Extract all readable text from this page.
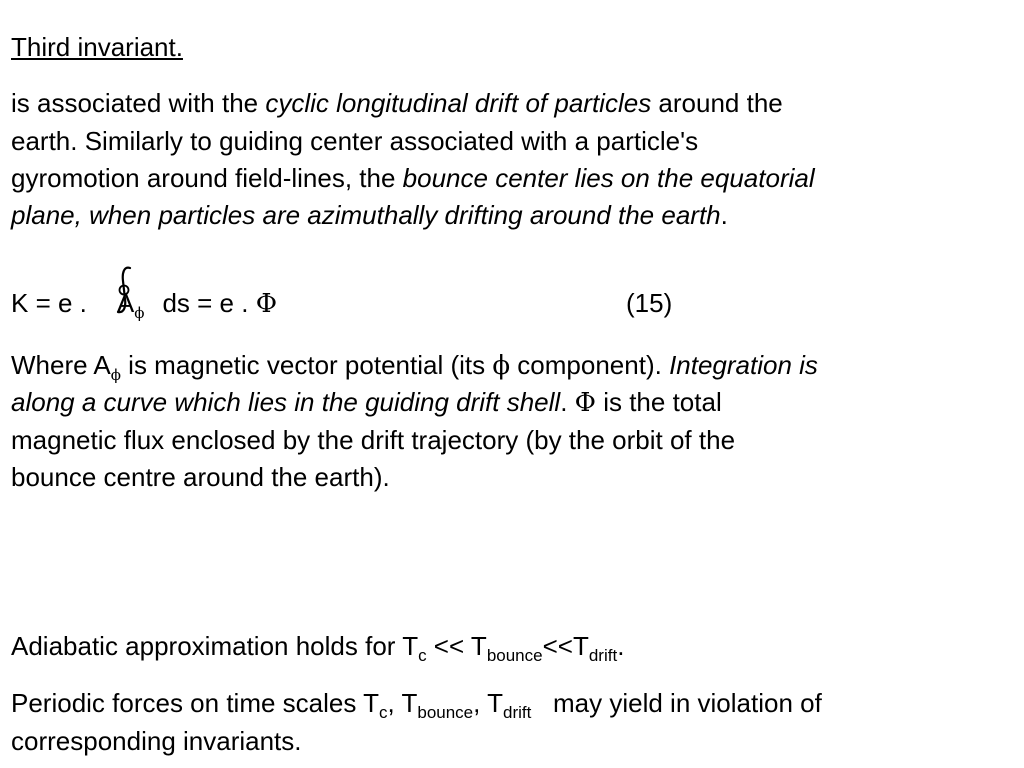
Third invariant.
is associated with the cyclic longitudinal drift of particles around the
earth. Similarly to guiding center associated with a particle's
gyromotion around field-lines, the bounce center lies on the equatorial
plane, when particles are azimuthally drifting around the earth.
K = e . $A_\phi$ ds = e . Φ	(15)
Where $A_\phi$ is magnetic vector potential (its ϕ component). Integration is
along a curve which lies in the guiding drift shell. Φ is the total
magnetic flux enclosed by the drift trajectory (by the orbit of the
bounce centre around the earth).
Adiabatic approximation holds for $T_c << T_{bounce}<<T_{drift}$.
Periodic forces on time scales $T_c$, $T_{bounce}$, $T_{drift}$   may yield in violation of
corresponding invariants.
